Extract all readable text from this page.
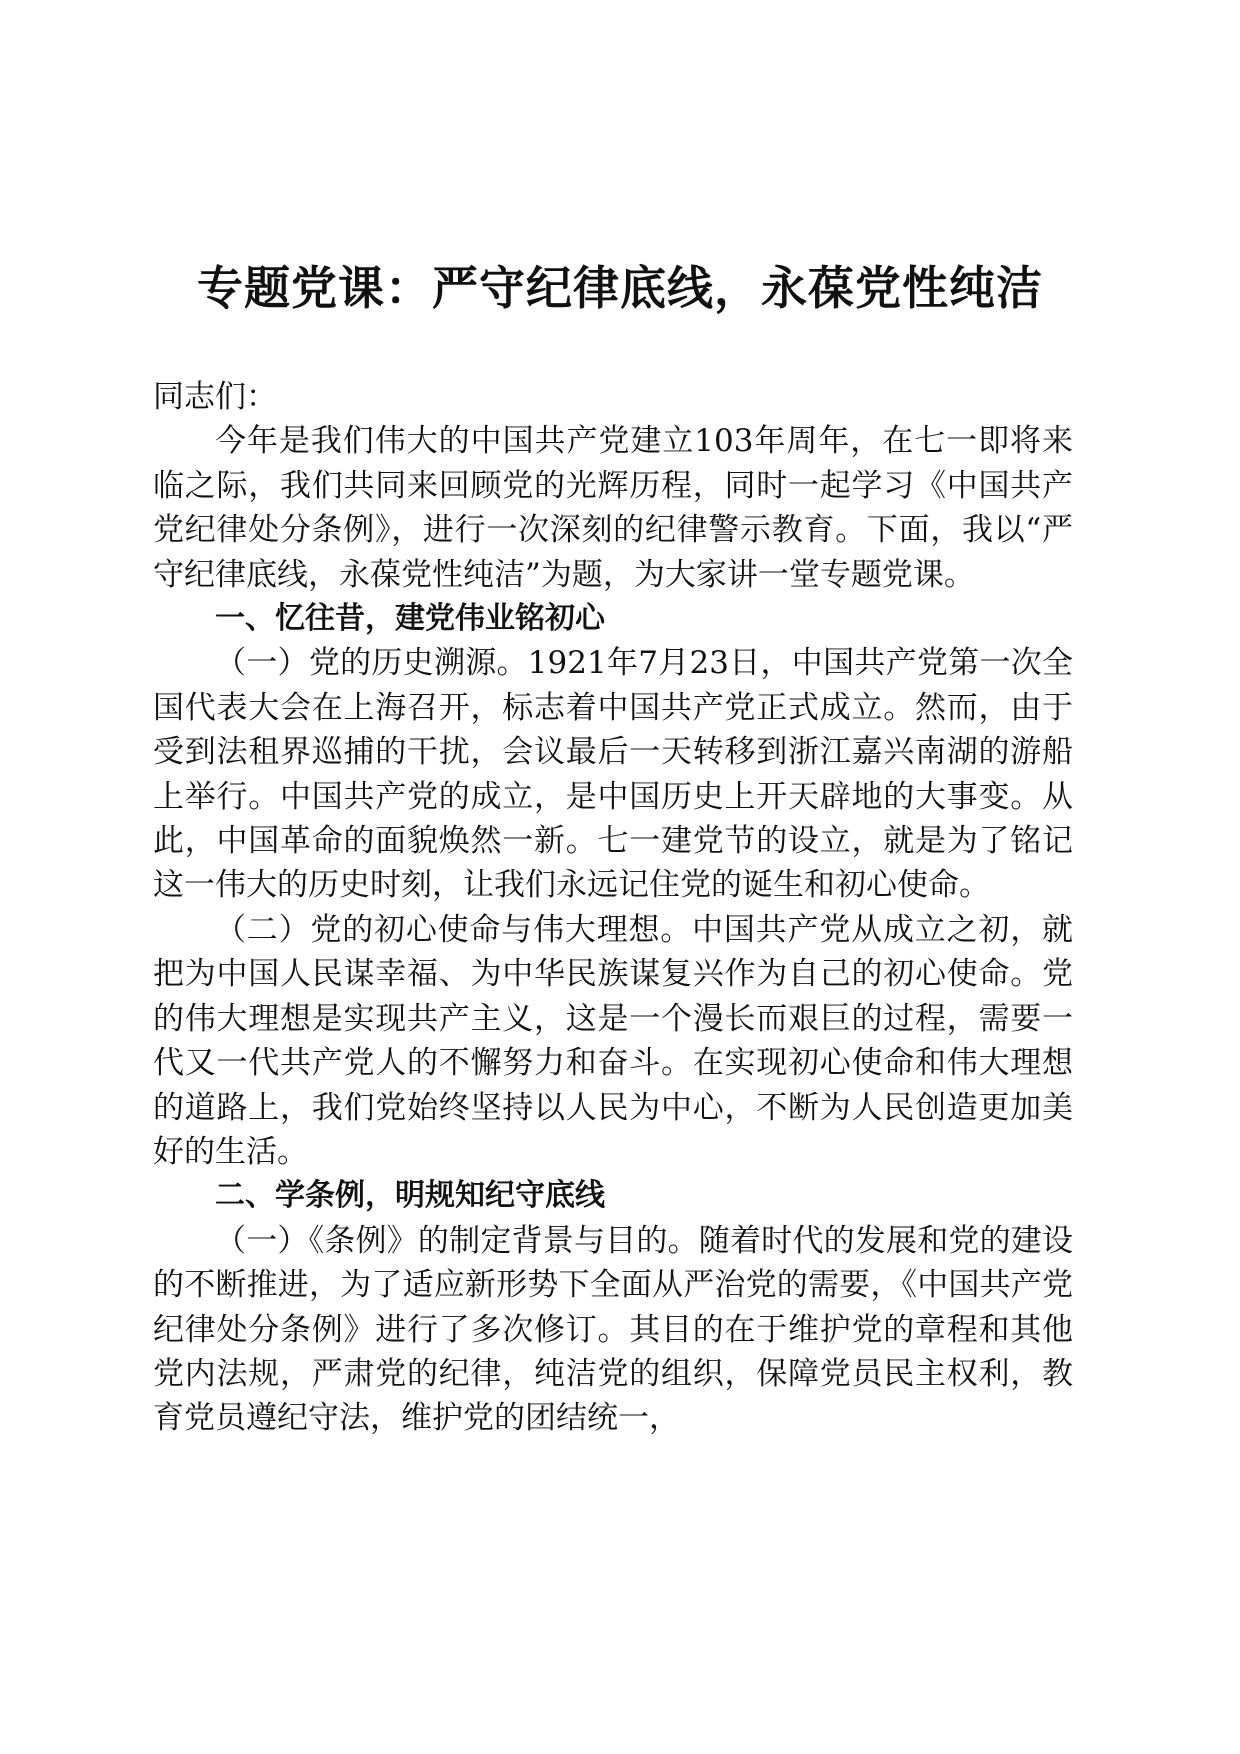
专题党课：严守纪律底线，永葆党性纯洁

同志们：

今年是我们伟大的中国共产党建立103年周年，在七一即将来临之际，我们共同来回顾党的光辉历程，同时一起学习《中国共产党纪律处分条例》，进行一次深刻的纪律警示教育。下面，我以“严守纪律底线，永葆党性纯洁”为题，为大家讲一堂专题党课。

一、忆往昔，建党伟业铭初心

（一）党的历史溯源。1921年7月23日，中国共产党第一次全国代表大会在上海召开，标志着中国共产党正式成立。然而，由于受到法租界巡捕的干扰，会议最后一天转移到浙江嘉兴南湖的游船上举行。中国共产党的成立，是中国历史上开天辟地的大事变。从此，中国革命的面貌焕然一新。七一建党节的设立，就是为了铭记这一伟大的历史时刻，让我们永远记住党的诞生和初心使命。

（二）党的初心使命与伟大理想。中国共产党从成立之初，就把为中国人民谋幸福、为中华民族谋复兴作为自己的初心使命。党的伟大理想是实现共产主义，这是一个漫长而艰巨的过程，需要一代又一代共产党人的不懈努力和奋斗。在实现初心使命和伟大理想的道路上，我们党始终坚持以人民为中心，不断为人民创造更加美好的生活。

二、学条例，明规知纪守底线

（一）《条例》的制定背景与目的。随着时代的发展和党的建设的不断推进，为了适应新形势下全面从严治党的需要，《中国共产党纪律处分条例》进行了多次修订。其目的在于维护党的章程和其他党内法规，严肃党的纪律，纯洁党的组织，保障党员民主权利，教育党员遵纪守法，维护党的团结统一，
